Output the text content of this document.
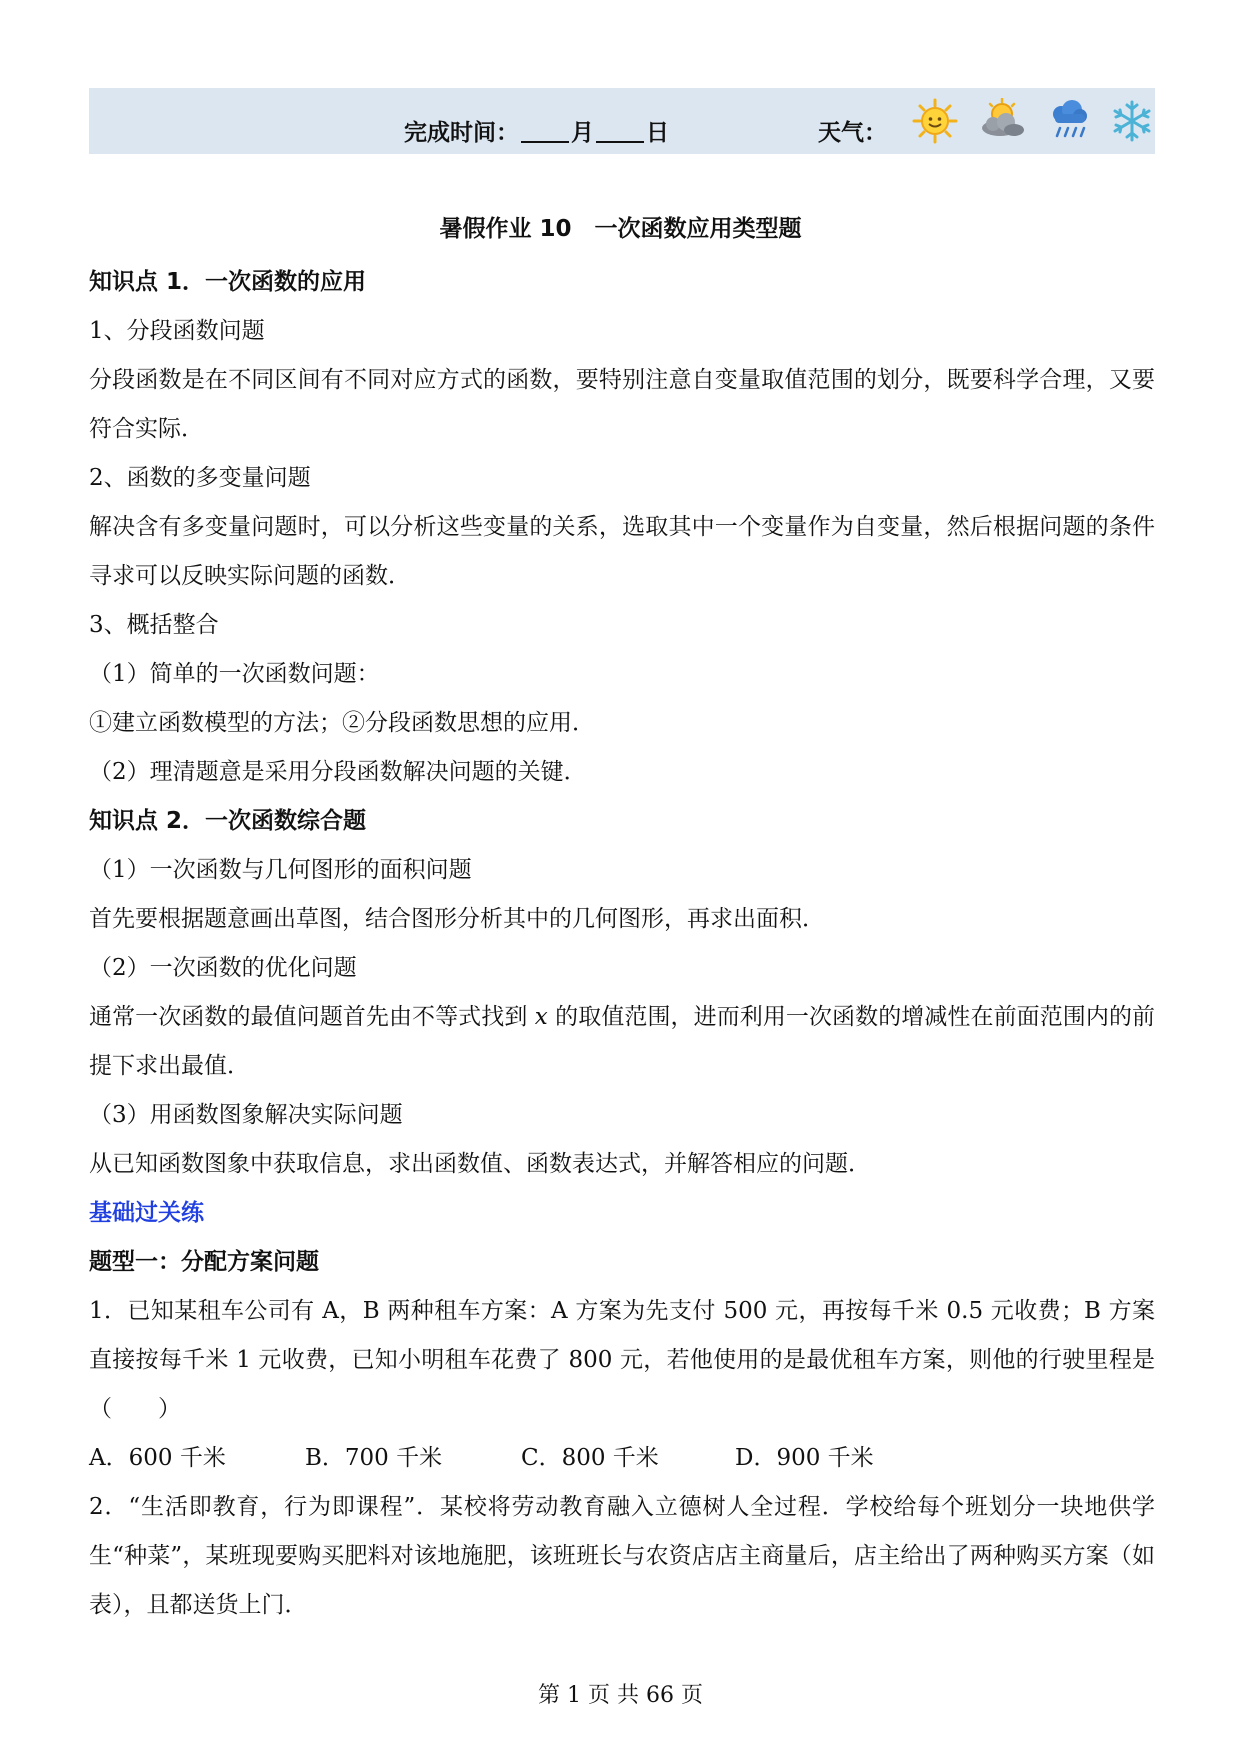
完成时间： 月 日	天气：
暑假作业 10　一次函数应用类型题

知识点 1．一次函数的应用

1、分段函数问题

分段函数是在不同区间有不同对应方式的函数，要特别注意自变量取值范围的划分，既要科学合理，又要符合实际．

2、函数的多变量问题

解决含有多变量问题时，可以分析这些变量的关系，选取其中一个变量作为自变量，然后根据问题的条件寻求可以反映实际问题的函数．

3、概括整合

（1）简单的一次函数问题：

①建立函数模型的方法；②分段函数思想的应用．

（2）理清题意是采用分段函数解决问题的关键．

知识点 2．一次函数综合题

（1）一次函数与几何图形的面积问题

首先要根据题意画出草图，结合图形分析其中的几何图形，再求出面积．

（2）一次函数的优化问题

通常一次函数的最值问题首先由不等式找到 x 的取值范围，进而利用一次函数的增减性在前面范围内的前提下求出最值．

（3）用函数图象解决实际问题

从已知函数图象中获取信息，求出函数值、函数表达式，并解答相应的问题．

基础过关练

题型一：分配方案问题

1．已知某租车公司有 A，B 两种租车方案：A 方案为先支付 500 元，再按每千米 0.5 元收费；B 方案直接按每千米 1 元收费，已知小明租车花费了 800 元，若他使用的是最优租车方案，则他的行驶里程是（　　）

A．600 千米	B．700 千米	C．800 千米	D．900 千米

2．“生活即教育，行为即课程”．某校将劳动教育融入立德树人全过程．学校给每个班划分一块地供学生“种菜”，某班现要购买肥料对该地施肥，该班班长与农资店店主商量后，店主给出了两种购买方案（如表），且都送货上门．

第 1 页 共 66 页
